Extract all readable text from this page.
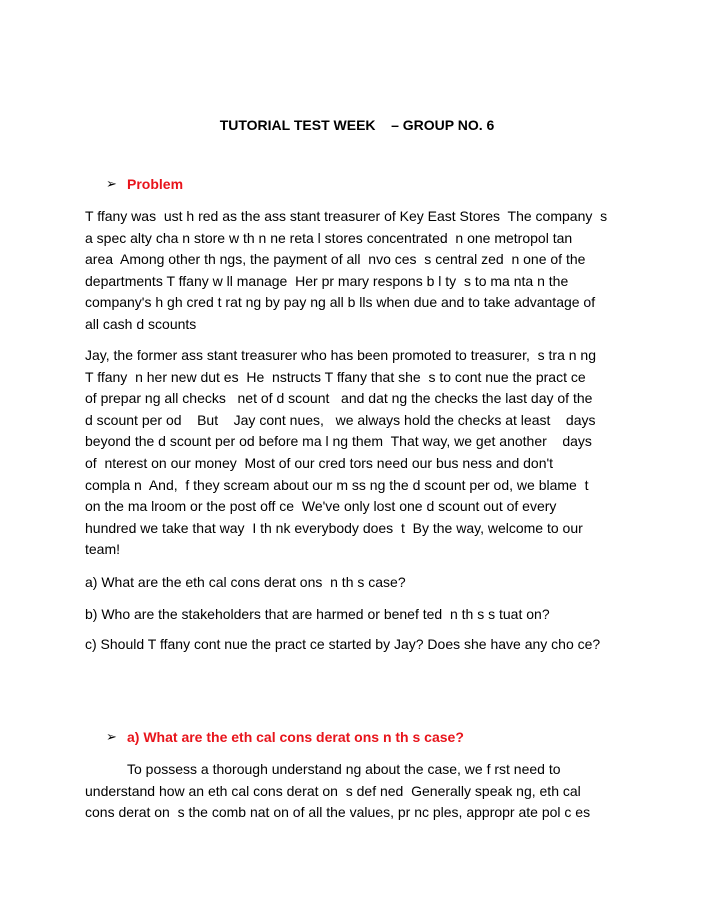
TUTORIAL TEST WEEK    – GROUP NO. 6
➢ Problem
T ffany was  ust h red as the ass stant treasurer of Key East Stores  The company  s
a spec alty cha n store w th n ne reta l stores concentrated  n one metropol tan
area  Among other th ngs, the payment of all  nvo ces  s central zed  n one of the
departments T ffany w ll manage  Her pr mary respons b l ty  s to ma nta n the
company's h gh cred t rat ng by pay ng all b lls when due and to take advantage of
all cash d scounts
Jay, the former ass stant treasurer who has been promoted to treasurer,  s tra n ng
T ffany  n her new dut es  He  nstructs T ffany that she  s to cont nue the pract ce
of prepar ng all checks   net of d scount   and dat ng the checks the last day of the
d scount per od    But    Jay cont nues,   we always hold the checks at least    days
beyond the d scount per od before ma l ng them  That way, we get another    days
of  nterest on our money  Most of our cred tors need our bus ness and don't
compla n  And,  f they scream about our m ss ng the d scount per od, we blame  t
on the ma lroom or the post off ce  We've only lost one d scount out of every
hundred we take that way  I th nk everybody does  t  By the way, welcome to our
team!
a) What are the eth cal cons derat ons  n th s case?
b) Who are the stakeholders that are harmed or benef ted  n th s s tuat on?
c) Should T ffany cont nue the pract ce started by Jay? Does she have any cho ce?
➢ a) What are the eth cal cons derat ons n th s case?
To possess a thorough understand ng about the case, we f rst need to
understand how an eth cal cons derat on  s def ned  Generally speak ng, eth cal
cons derat on  s the comb nat on of all the values, pr nc ples, appropr ate pol c es
